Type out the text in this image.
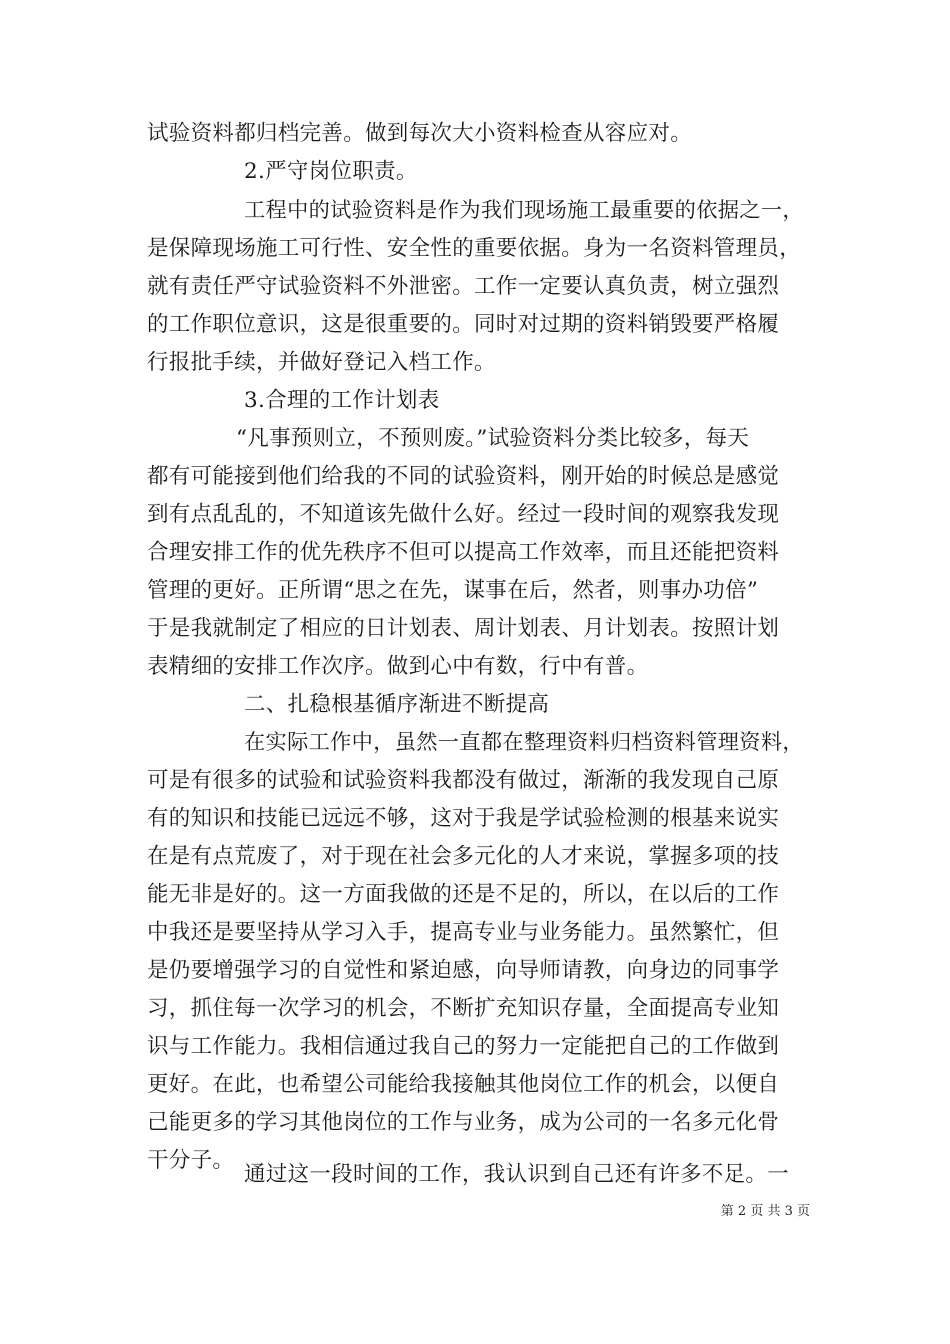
试验资料都归档完善。做到每次大小资料检查从容应对。
2.严守岗位职责。
工程中的试验资料是作为我们现场施工最重要的依据之一，
是保障现场施工可行性、安全性的重要依据。身为一名资料管理员，
就有责任严守试验资料不外泄密。工作一定要认真负责，树立强烈
的工作职位意识，这是很重要的。同时对过期的资料销毁要严格履
行报批手续，并做好登记入档工作。
3.合理的工作计划表
“凡事预则立，不预则废。”试验资料分类比较多，每天
都有可能接到他们给我的不同的试验资料，刚开始的时候总是感觉
到有点乱乱的，不知道该先做什么好。经过一段时间的观察我发现
合理安排工作的优先秩序不但可以提高工作效率，而且还能把资料
管理的更好。正所谓“思之在先，谋事在后，然者，则事办功倍”
于是我就制定了相应的日计划表、周计划表、月计划表。按照计划
表精细的安排工作次序。做到心中有数，行中有普。
二、扎稳根基循序渐进不断提高
在实际工作中，虽然一直都在整理资料归档资料管理资料，
可是有很多的试验和试验资料我都没有做过，渐渐的我发现自己原
有的知识和技能已远远不够，这对于我是学试验检测的根基来说实
在是有点荒废了，对于现在社会多元化的人才来说，掌握多项的技
能无非是好的。这一方面我做的还是不足的，所以，在以后的工作
中我还是要坚持从学习入手，提高专业与业务能力。虽然繁忙，但
是仍要增强学习的自觉性和紧迫感，向导师请教，向身边的同事学
习，抓住每一次学习的机会，不断扩充知识存量，全面提高专业知
识与工作能力。我相信通过我自己的努力一定能把自己的工作做到
更好。在此，也希望公司能给我接触其他岗位工作的机会，以便自
己能更多的学习其他岗位的工作与业务，成为公司的一名多元化骨
干分子。
通过这一段时间的工作，我认识到自己还有许多不足。一
第 2 页 共 3 页
